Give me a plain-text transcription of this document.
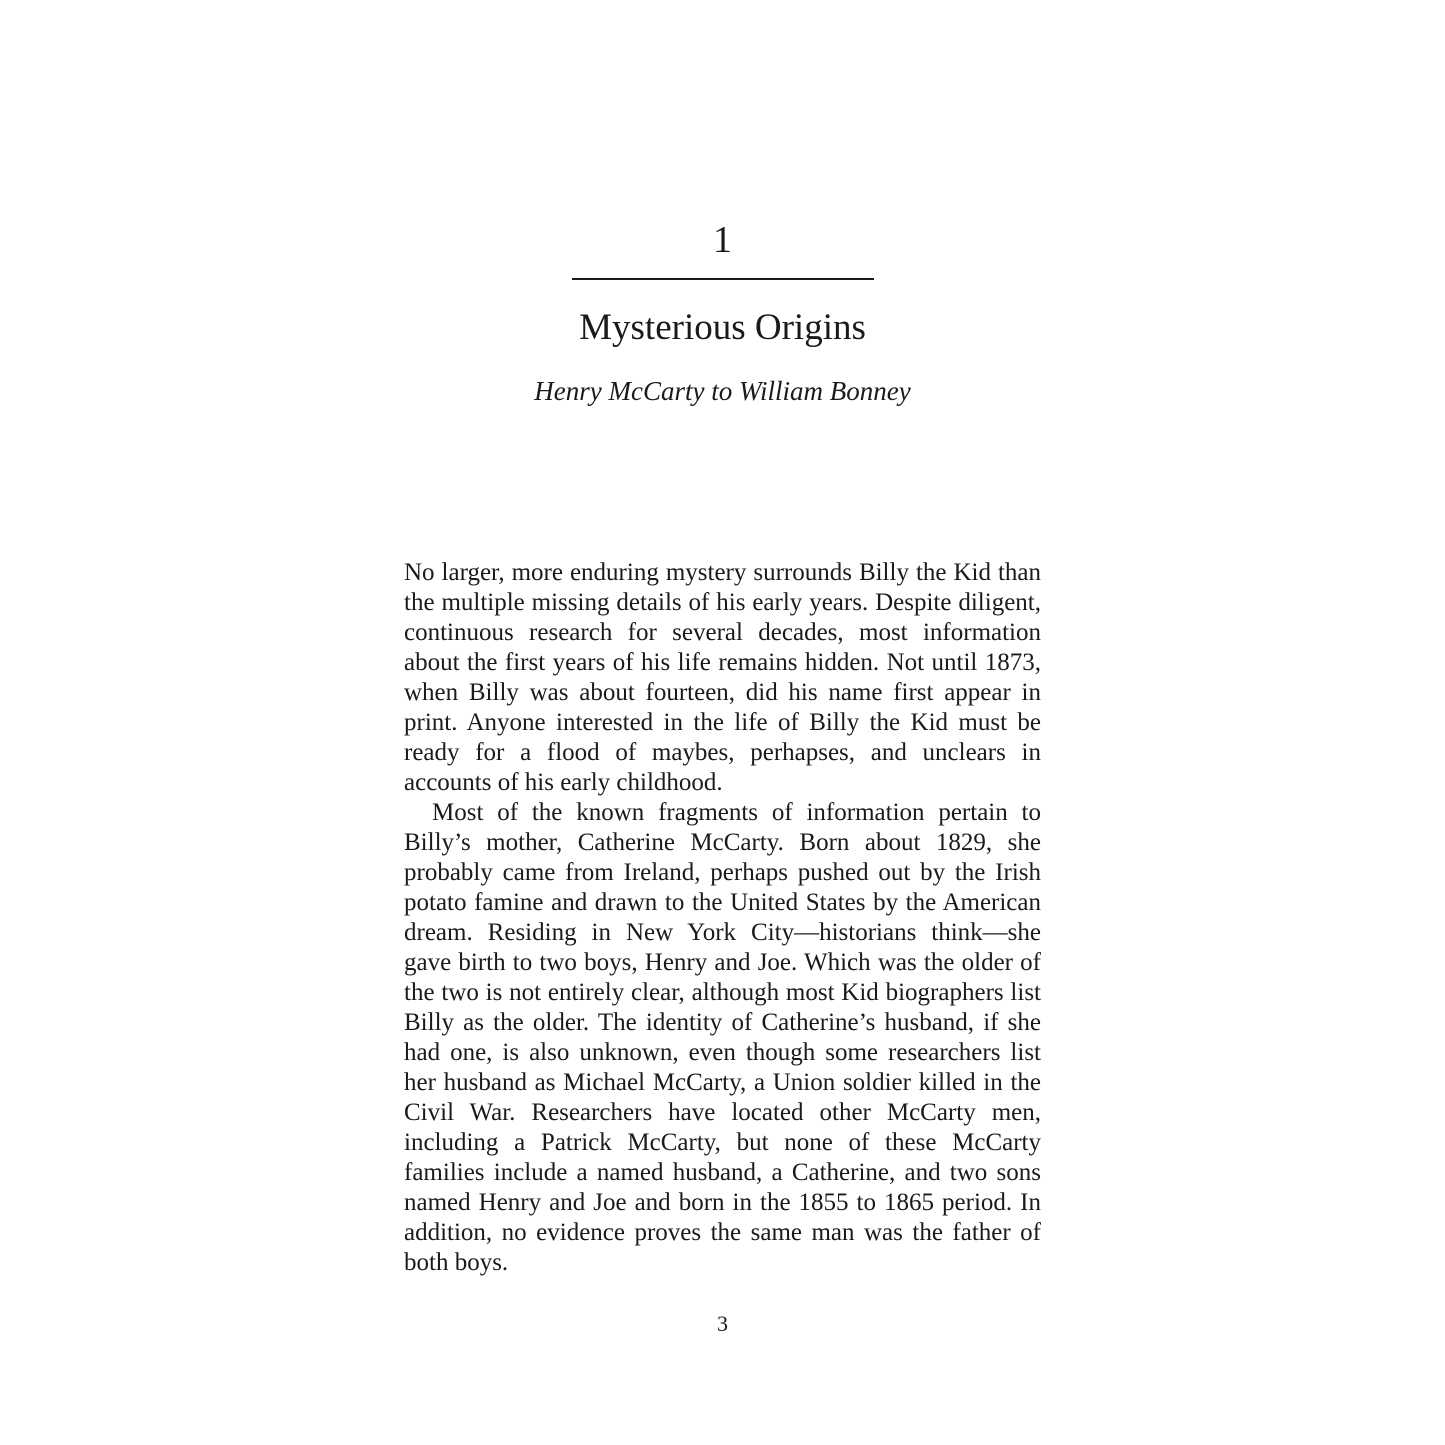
1
Mysterious Origins
Henry McCarty to William Bonney

No larger, more enduring mystery surrounds Billy the Kid than the multiple missing details of his early years. Despite diligent, continuous research for several decades, most information about the first years of his life remains hidden. Not until 1873, when Billy was about fourteen, did his name first appear in print. Anyone interested in the life of Billy the Kid must be ready for a flood of maybes, perhapses, and unclears in accounts of his early childhood.

Most of the known fragments of information pertain to Billy’s mother, Catherine McCarty. Born about 1829, she probably came from Ireland, perhaps pushed out by the Irish potato famine and drawn to the United States by the American dream. Residing in New York City—historians think—she gave birth to two boys, Henry and Joe. Which was the older of the two is not entirely clear, although most Kid biographers list Billy as the older. The identity of Catherine’s husband, if she had one, is also unknown, even though some researchers list her husband as Michael McCarty, a Union soldier killed in the Civil War. Researchers have located other McCarty men, including a Patrick McCarty, but none of these McCarty families include a named husband, a Catherine, and two sons named Henry and Joe and born in the 1855 to 1865 period. In addition, no evidence proves the same man was the father of both boys.

3
